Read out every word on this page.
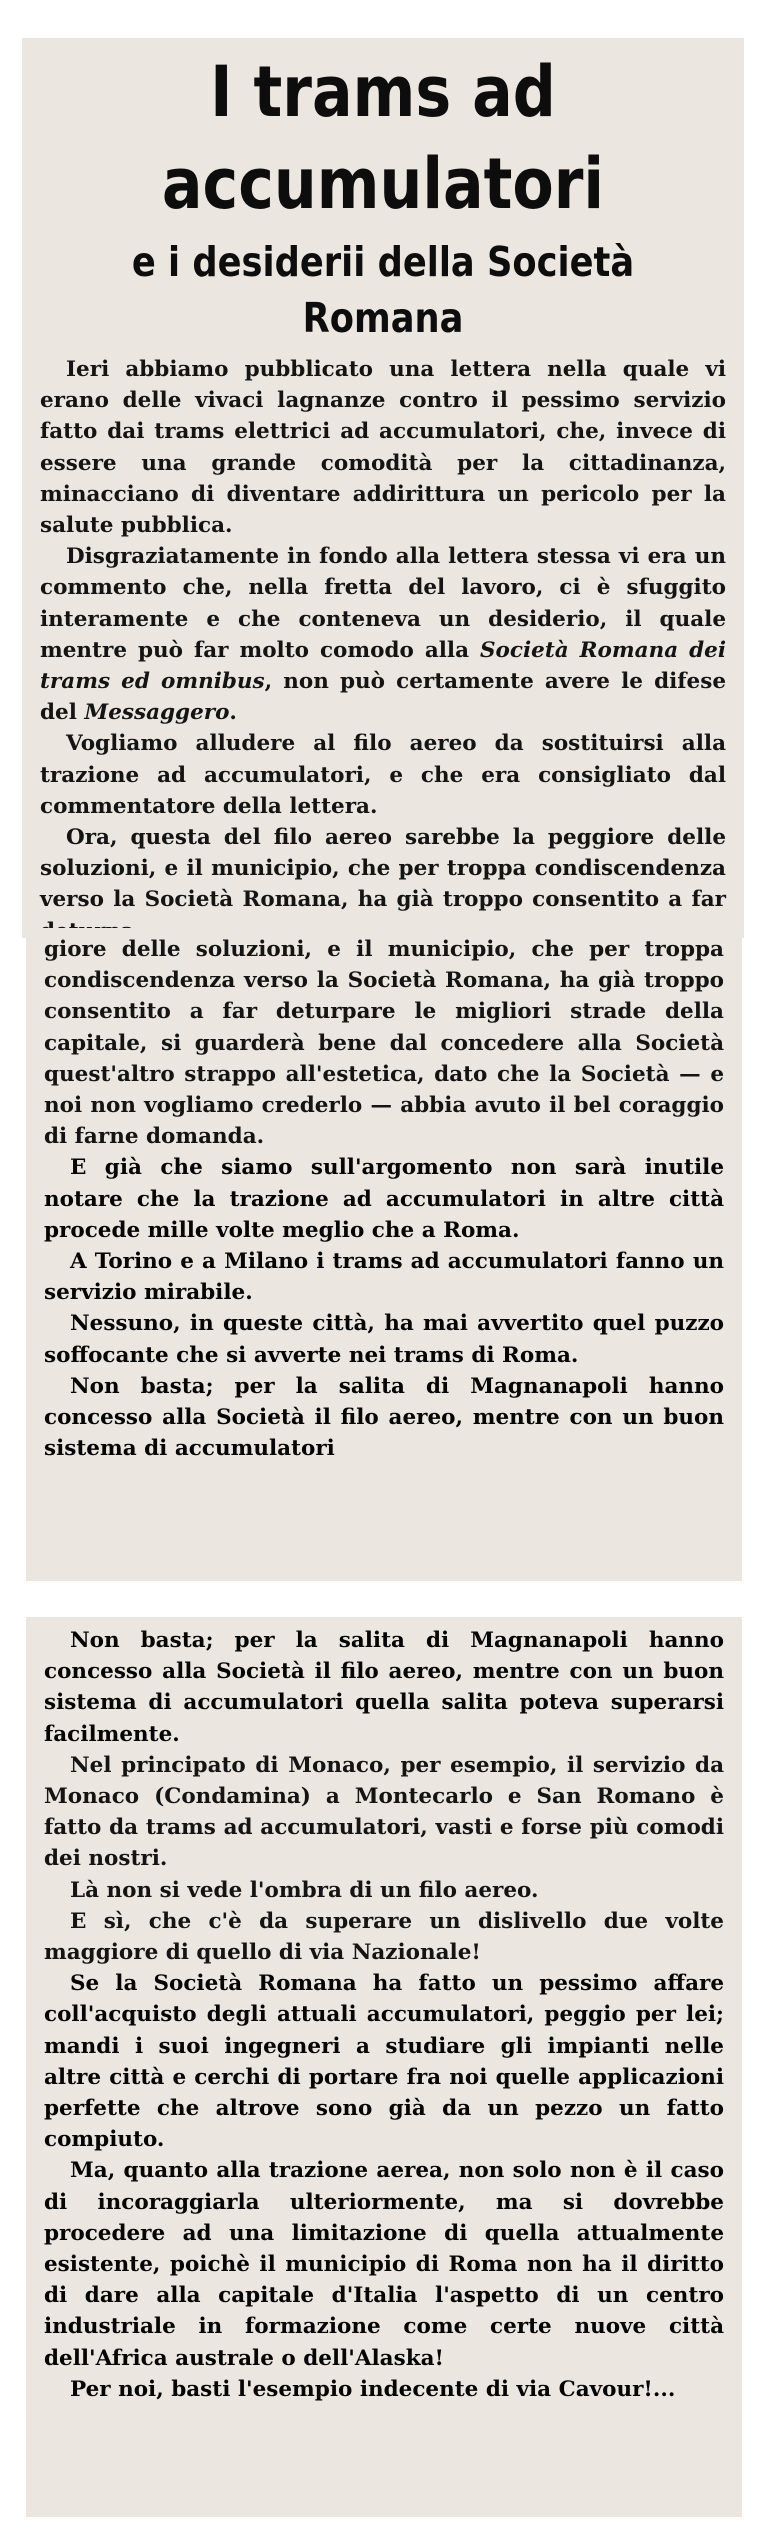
I trams ad accumulatori
e i desiderii della Società Romana

Ieri abbiamo pubblicato una lettera nella quale vi erano delle vivaci lagnanze contro il pessimo servizio fatto dai trams elettrici ad accumulatori, che, invece di essere una grande comodità per la cittadinanza, minacciano di diventare addirittura un pericolo per la salute pubblica.

Disgraziatamente in fondo alla lettera stessa vi era un commento che, nella fretta del lavoro, ci è sfuggito interamente e che conteneva un desiderio, il quale mentre può far molto comodo alla Società Romana dei trams ed omnibus, non può certamente avere le difese del Messaggero.

Vogliamo alludere al filo aereo da sostituirsi alla trazione ad accumulatori, e che era consigliato dal commentatore della lettera.

Ora, questa del filo aereo sarebbe la peggiore delle soluzioni, e il municipio, che per troppa condiscendenza verso la Società Romana, ha già troppo consentito a far

giore delle soluzioni, e il municipio, che per troppa condiscendenza verso la Società Romana, ha già troppo consentito a far deturpare le migliori strade della capitale, si guarderà bene dal concedere alla Società quest'altro strappo all'estetica, dato che la Società — e noi non vogliamo crederlo — abbia avuto il bel coraggio di farne domanda.

E già che siamo sull'argomento non sarà inutile notare che la trazione ad accumulatori in altre città procede mille volte meglio che a Roma.

A Torino e a Milano i trams ad accumulatori fanno un servizio mirabile.

Nessuno, in queste città, ha mai avvertito quel puzzo soffocante che si avverte nei trams di Roma.

Non basta; per la salita di Magnanapoli hanno concesso alla Società il filo aereo, mentre con un buon sistema di accumulatori

Non basta; per la salita di Magnanapoli hanno concesso alla Società il filo aereo, mentre con un buon sistema di accumulatori quella salita poteva superarsi facilmente.

Nel principato di Monaco, per esempio, il servizio da Monaco (Condamina) a Montecarlo e San Romano è fatto da trams ad accumulatori, vasti e forse più comodi dei nostri.

Là non si vede l'ombra di un filo aereo.

E sì, che c'è da superare un dislivello due volte maggiore di quello di via Nazionale!

Se la Società Romana ha fatto un pessimo affare coll'acquisto degli attuali accumulatori, peggio per lei; mandi i suoi ingegneri a studiare gli impianti nelle altre città e cerchi di portare fra noi quelle applicazioni perfette che altrove sono già da un pezzo un fatto compiuto.

Ma, quanto alla trazione aerea, non solo non è il caso di incoraggiarla ulteriormente, ma si dovrebbe procedere ad una limitazione di quella attualmente esistente, poichè il municipio di Roma non ha il diritto di dare alla capitale d'Italia l'aspetto di un centro industriale in formazione come certe nuove città dell'Africa australe o dell'Alaska!

Per noi, basti l'esempio indecente di via Cavour!...
